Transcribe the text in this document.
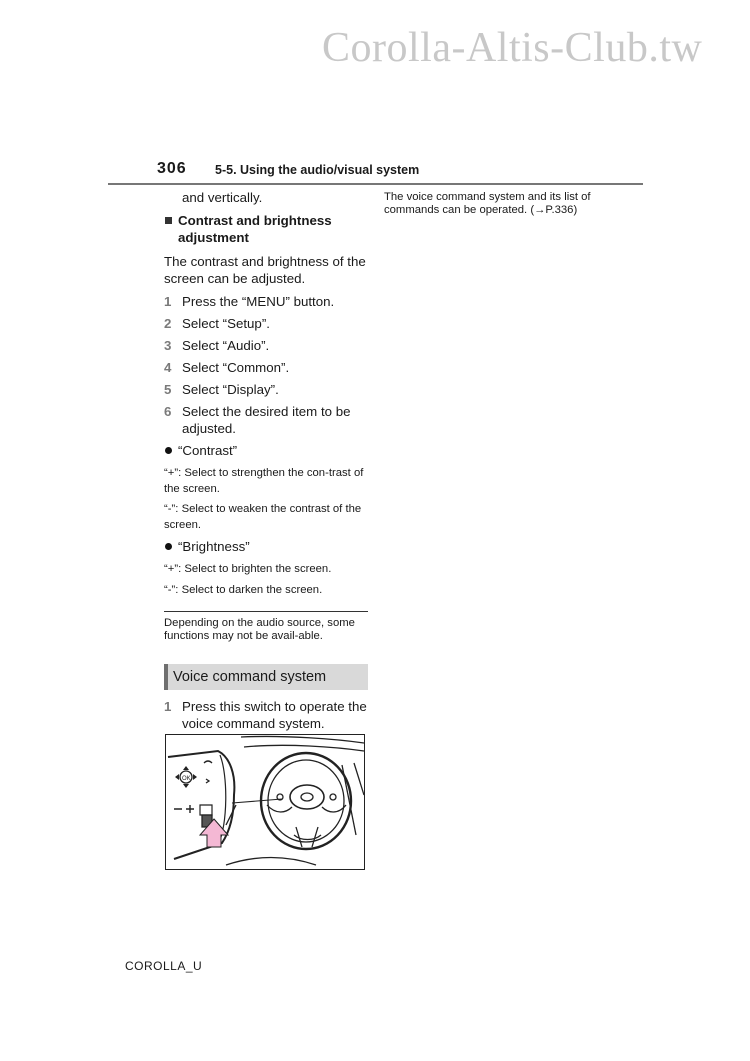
Corolla-Altis-Club.tw
306 5-5. Using the audio/visual system
and vertically.
Contrast and brightness adjustment
The contrast and brightness of the screen can be adjusted.
1 Press the “MENU” button.
2 Select “Setup”.
3 Select “Audio”.
4 Select “Common”.
5 Select “Display”.
6 Select the desired item to be adjusted.
“Contrast”
“+”: Select to strengthen the con-trast of the screen.
“-”: Select to weaken the contrast of the screen.
“Brightness”
“+”: Select to brighten the screen.
“-”: Select to darken the screen.
Depending on the audio source, some functions may not be avail-able.
Voice command system
1 Press this switch to operate the voice command system.
The voice command system and its list of commands can be operated. (→P.336)
OK
COROLLA_U
